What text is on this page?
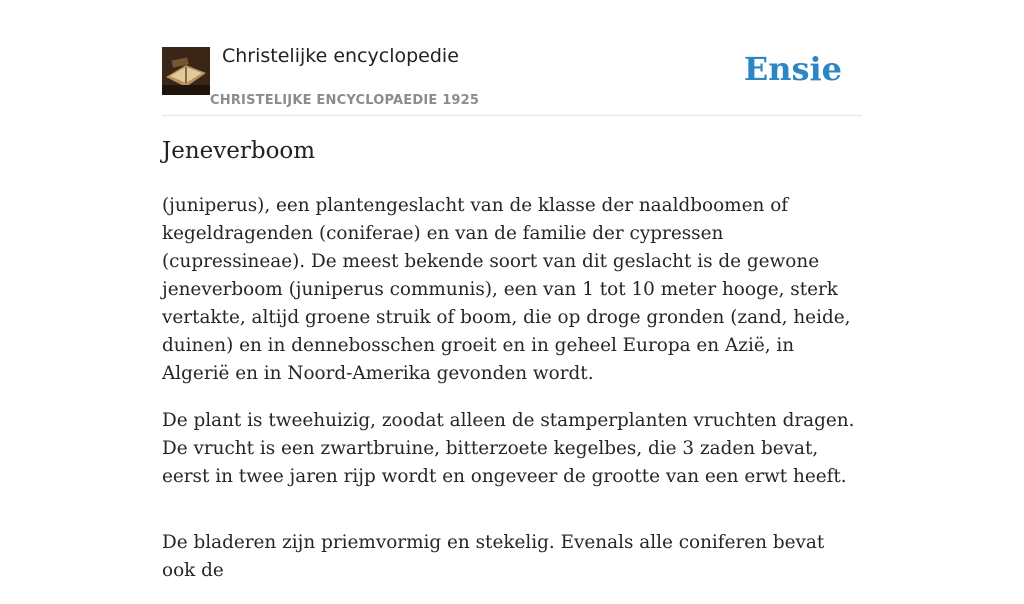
Christelijke encyclopedie
CHRISTELIJKE ENCYCLOPAEDIE 1925
Ensie
Jeneverboom

(juniperus), een plantengeslacht van de klasse der naaldboomen of kegeldragenden (coniferae) en van de familie der cypressen (cupressineae). De meest bekende soort van dit geslacht is de gewone jeneverboom (juniperus communis), een van 1 tot 10 meter hooge, sterk vertakte, altijd groene struik of boom, die op droge gronden (zand, heide, duinen) en in dennebosschen groeit en in geheel Europa en Azië, in Algerië en in Noord-Amerika gevonden wordt.

De plant is tweehuizig, zoodat alleen de stamperplanten vruchten dragen. De vrucht is een zwartbruine, bitterzoete kegelbes, die 3 zaden bevat, eerst in twee jaren rijp wordt en ongeveer de grootte van een erwt heeft.

De bladeren zijn priemvormig en stekelig. Evenals alle coniferen bevat ook de
